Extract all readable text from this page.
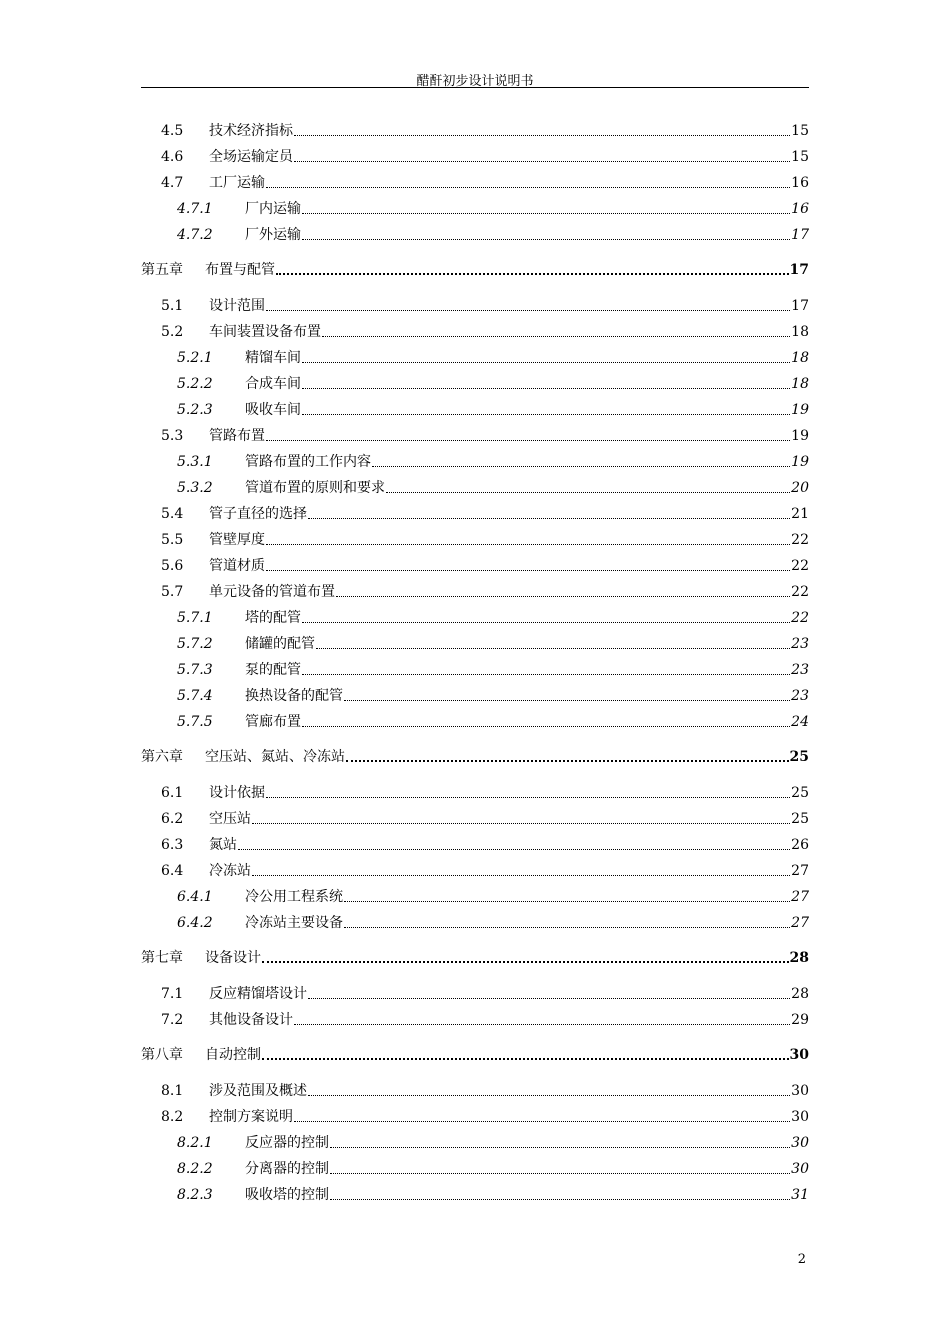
醋酐初步设计说明书
4.5	技术经济指标	15
4.6	全场运输定员	15
4.7	工厂运输	16
4.7.1	厂内运输	16
4.7.2	厂外运输	17
第五章	布置与配管	17
5.1	设计范围	17
5.2	车间装置设备布置	18
5.2.1	精馏车间	18
5.2.2	合成车间	18
5.2.3	吸收车间	19
5.3	管路布置	19
5.3.1	管路布置的工作内容	19
5.3.2	管道布置的原则和要求	20
5.4	管子直径的选择	21
5.5	管壁厚度	22
5.6	管道材质	22
5.7	单元设备的管道布置	22
5.7.1	塔的配管	22
5.7.2	储罐的配管	23
5.7.3	泵的配管	23
5.7.4	换热设备的配管	23
5.7.5	管廊布置	24
第六章	空压站、氮站、冷冻站	25
6.1	设计依据	25
6.2	空压站	25
6.3	氮站	26
6.4	冷冻站	27
6.4.1	冷公用工程系统	27
6.4.2	冷冻站主要设备	27
第七章	设备设计	28
7.1	反应精馏塔设计	28
7.2	其他设备设计	29
第八章	自动控制	30
8.1	涉及范围及概述	30
8.2	控制方案说明	30
8.2.1	反应器的控制	30
8.2.2	分离器的控制	30
8.2.3	吸收塔的控制	31
2
